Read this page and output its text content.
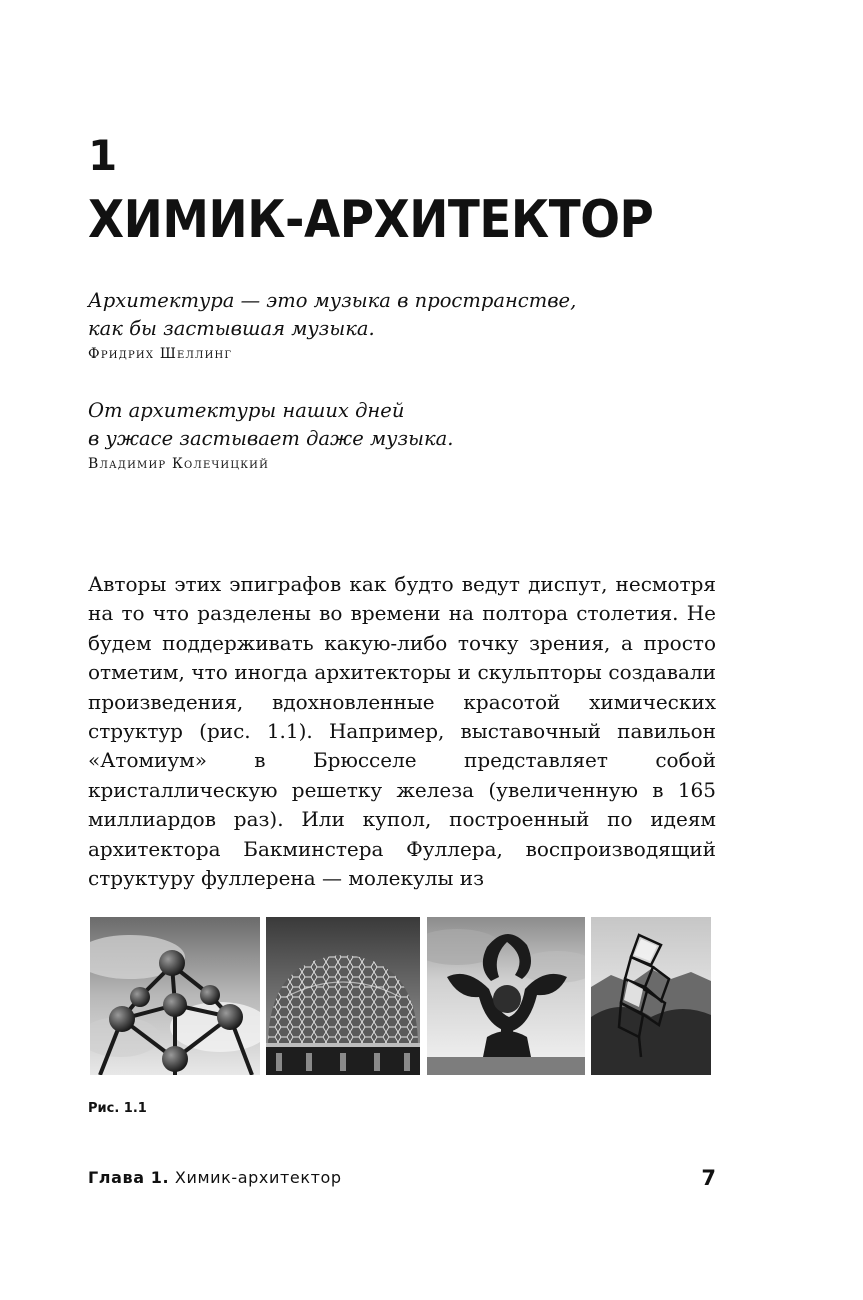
1
ХИМИК-АРХИТЕКТОР

Архитектура — это музыка в пространстве,
как бы застывшая музыка.

Фридрих Шеллинг

От архитектуры наших дней
в ужасе застывает даже музыка.

Владимир Колечицкий

Авторы этих эпиграфов как будто ведут диспут, несмотря на то что разделены во времени на полтора столетия. Не будем поддерживать какую-либо точку зрения, а просто отметим, что иногда архитекторы и скульпторы создавали произведения, вдохновленные красотой химических структур (рис. 1.1). Например, выставочный павильон «Атомиум» в Брюсселе представляет собой кристаллическую решетку железа (увеличенную в 165 миллиардов раз). Или купол, построенный по идеям архитектора Бакминстера Фуллера, воспроизводящий структуру фуллерена — молекулы из

Рис. 1.1
Глава 1. Химик-архитектор	7
